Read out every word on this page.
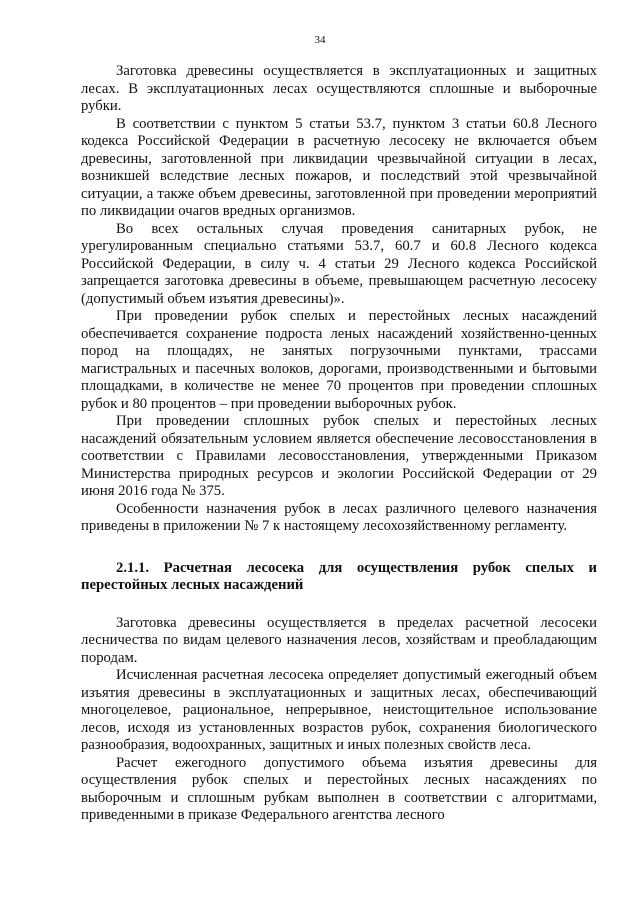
34

Заготовка древесины осуществляется в эксплуатационных и защитных лесах. В эксплуатационных лесах осуществляются сплошные и выборочные рубки.

В соответствии с пунктом 5 статьи 53.7, пунктом 3 статьи 60.8 Лесного кодекса Российской Федерации в расчетную лесосеку не включается объем древесины, заготовленной при ликвидации чрезвычайной ситуации в лесах, возникшей вследствие лесных пожаров, и последствий этой чрезвычайной ситуации, а также объем древесины, заготовленной при проведении мероприятий по ликвидации очагов вредных организмов.

Во всех остальных случая проведения санитарных рубок, не урегулированным специально статьями 53.7, 60.7 и 60.8 Лесного кодекса Российской Федерации, в силу ч. 4 статьи 29 Лесного кодекса Российской запрещается заготовка древесины в объеме, превышающем расчетную лесосеку (допустимый объем изъятия древесины)».

При проведении рубок спелых и перестойных лесных насаждений обеспечивается сохранение подроста леных насаждений хозяйственно-ценных пород на площадях, не занятых погрузочными пунктами, трассами магистральных и пасечных волоков, дорогами, производственными и бытовыми площадками, в количестве не менее 70 процентов при проведении сплошных рубок и 80 процентов – при проведении выборочных рубок.

При проведении сплошных рубок спелых и перестойных лесных насаждений обязательным условием является обеспечение лесовосстановления в соответствии с Правилами лесовосстановления, утвержденными Приказом Министерства природных ресурсов и экологии Российской Федерации от 29 июня 2016 года № 375.

Особенности назначения рубок в лесах различного целевого назначения приведены в приложении № 7 к настоящему лесохозяйственному регламенту.

2.1.1. Расчетная лесосека для осуществления рубок спелых и перестойных лесных насаждений

Заготовка древесины осуществляется в пределах расчетной лесосеки лесничества по видам целевого назначения лесов, хозяйствам и преобладающим породам.

Исчисленная расчетная лесосека определяет допустимый ежегодный объем изъятия древесины в эксплуатационных и защитных лесах, обеспечивающий многоцелевое, рациональное, непрерывное, неистощительное использование лесов, исходя из установленных возрастов рубок, сохранения биологического разнообразия, водоохранных, защитных и иных полезных свойств леса.

Расчет ежегодного допустимого объема изъятия древесины для осуществления рубок спелых и перестойных лесных насаждениях по выборочным и сплошным рубкам выполнен в соответствии с алгоритмами, приведенными в приказе Федерального агентства лесного
